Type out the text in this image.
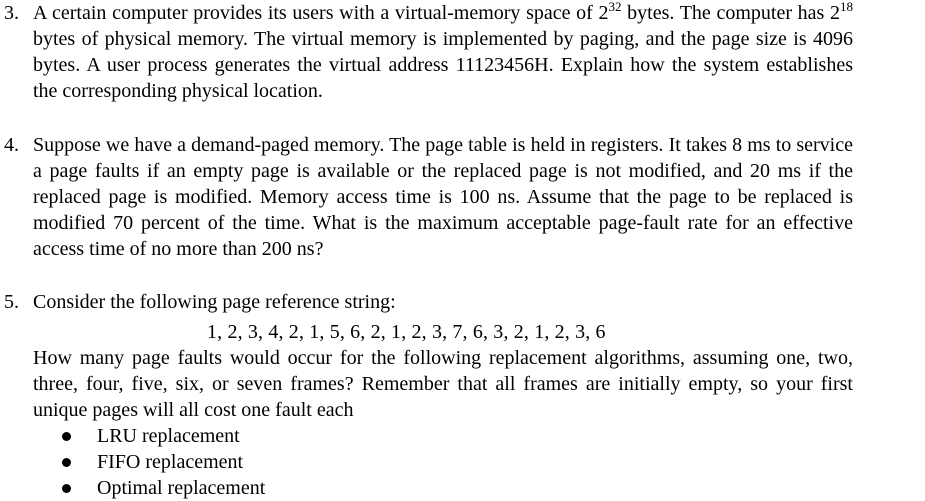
3. A certain computer provides its users with a virtual-memory space of $2^{32}$ bytes. The computer has $2^{18}$ bytes of physical memory. The virtual memory is implemented by paging, and the page size is 4096 bytes. A user process generates the virtual address 11123456H. Explain how the system establishes the corresponding physical location.
4. Suppose we have a demand-paged memory. The page table is held in registers. It takes 8 ms to service a page faults if an empty page is available or the replaced page is not modified, and 20 ms if the replaced page is modified. Memory access time is 100 ns. Assume that the page to be replaced is modified 70 percent of the time. What is the maximum acceptable page-fault rate for an effective access time of no more than 200 ns?
5. Consider the following page reference string:
1, 2, 3, 4, 2, 1, 5, 6, 2, 1, 2, 3, 7, 6, 3, 2, 1, 2, 3, 6
How many page faults would occur for the following replacement algorithms, assuming one, two, three, four, five, six, or seven frames? Remember that all frames are initially empty, so your first unique pages will all cost one fault each
LRU replacement
FIFO replacement
Optimal replacement
